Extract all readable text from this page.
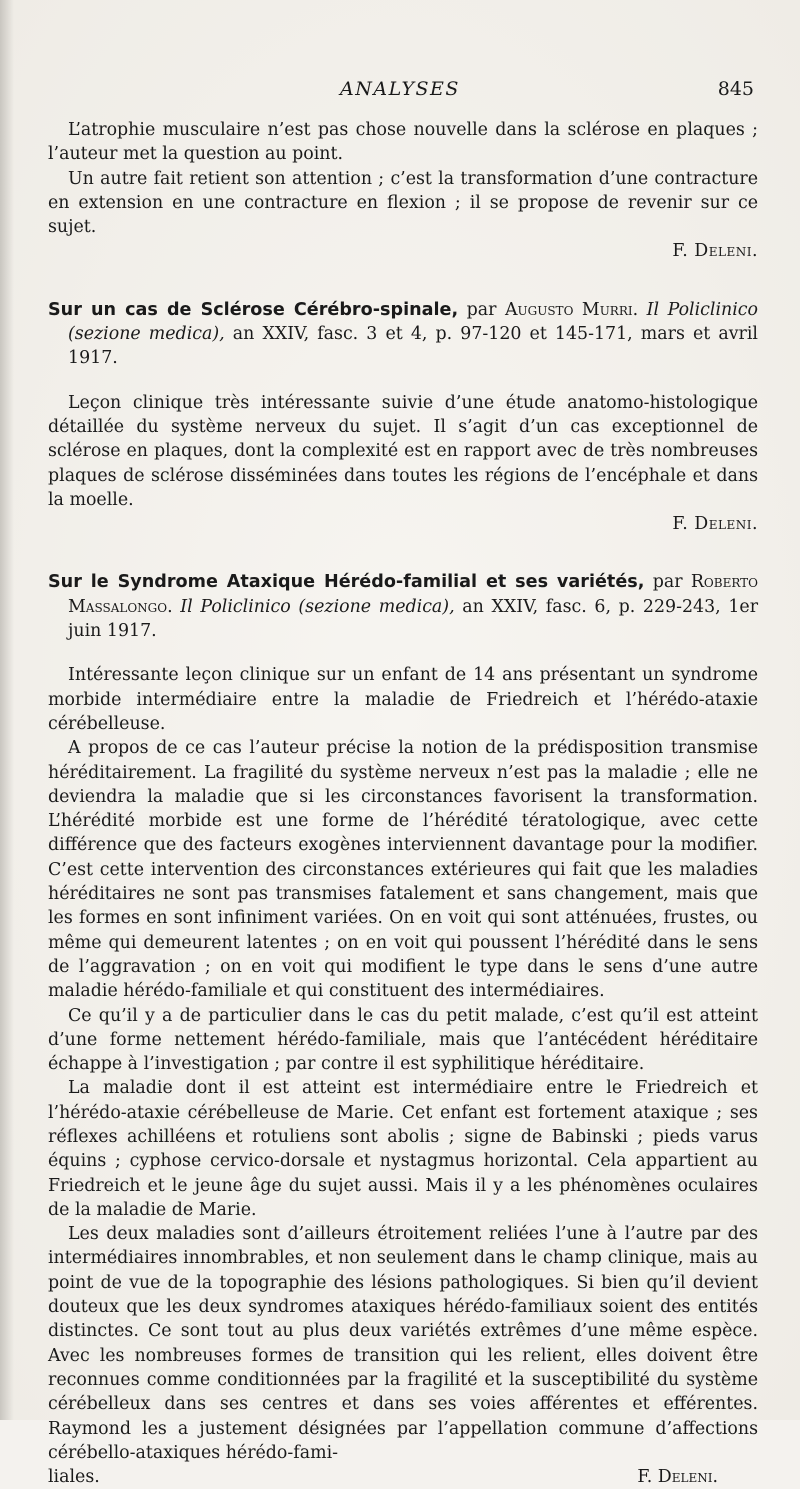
ANALYSES	845

L’atrophie musculaire n’est pas chose nouvelle dans la sclérose en plaques ; l’auteur met la question au point.

Un autre fait retient son attention ; c’est la transformation d’une contracture en extension en une contracture en flexion ; il se propose de revenir sur ce sujet.

F. Deleni.

Sur un cas de Sclérose Cérébro-spinale, par Augusto Murri. Il Policlinico (sezione medica), an XXIV, fasc. 3 et 4, p. 97-120 et 145-171, mars et avril 1917.

Leçon clinique très intéressante suivie d’une étude anatomo-histologique détaillée du système nerveux du sujet. Il s’agit d’un cas exceptionnel de sclérose en plaques, dont la complexité est en rapport avec de très nombreuses plaques de sclérose disséminées dans toutes les régions de l’encéphale et dans la moelle.

F. Deleni.

Sur le Syndrome Ataxique Hérédo-familial et ses variétés, par Roberto Massalongo. Il Policlinico (sezione medica), an XXIV, fasc. 6, p. 229-243, 1er juin 1917.

Intéressante leçon clinique sur un enfant de 14 ans présentant un syndrome morbide intermédiaire entre la maladie de Friedreich et l’hérédo-ataxie cérébelleuse.

A propos de ce cas l’auteur précise la notion de la prédisposition transmise héréditairement. La fragilité du système nerveux n’est pas la maladie ; elle ne deviendra la maladie que si les circonstances favorisent la transformation. L’hérédité morbide est une forme de l’hérédité tératologique, avec cette différence que des facteurs exogènes interviennent davantage pour la modifier. C’est cette intervention des circonstances extérieures qui fait que les maladies héréditaires ne sont pas transmises fatalement et sans changement, mais que les formes en sont infiniment variées. On en voit qui sont atténuées, frustes, ou même qui demeurent latentes ; on en voit qui poussent l’hérédité dans le sens de l’aggravation ; on en voit qui modifient le type dans le sens d’une autre maladie hérédo-familiale et qui constituent des intermédiaires.

Ce qu’il y a de particulier dans le cas du petit malade, c’est qu’il est atteint d’une forme nettement hérédo-familiale, mais que l’antécédent héréditaire échappe à l’investigation ; par contre il est syphilitique héréditaire.

La maladie dont il est atteint est intermédiaire entre le Friedreich et l’hérédo-ataxie cérébelleuse de Marie. Cet enfant est fortement ataxique ; ses réflexes achilléens et rotuliens sont abolis ; signe de Babinski ; pieds varus équins ; cyphose cervico-dorsale et nystagmus horizontal. Cela appartient au Friedreich et le jeune âge du sujet aussi. Mais il y a les phénomènes oculaires de la maladie de Marie.

Les deux maladies sont d’ailleurs étroitement reliées l’une à l’autre par des intermédiaires innombrables, et non seulement dans le champ clinique, mais au point de vue de la topographie des lésions pathologiques. Si bien qu’il devient douteux que les deux syndromes ataxiques hérédo-familiaux soient des entités distinctes. Ce sont tout au plus deux variétés extrêmes d’une même espèce. Avec les nombreuses formes de transition qui les relient, elles doivent être reconnues comme conditionnées par la fragilité et la susceptibilité du système cérébelleux dans ses centres et dans ses voies afférentes et efférentes. Raymond les a justement désignées par l’appellation commune d’affections cérébello-ataxiques hérédo-fami-

liales.	F. Deleni.
